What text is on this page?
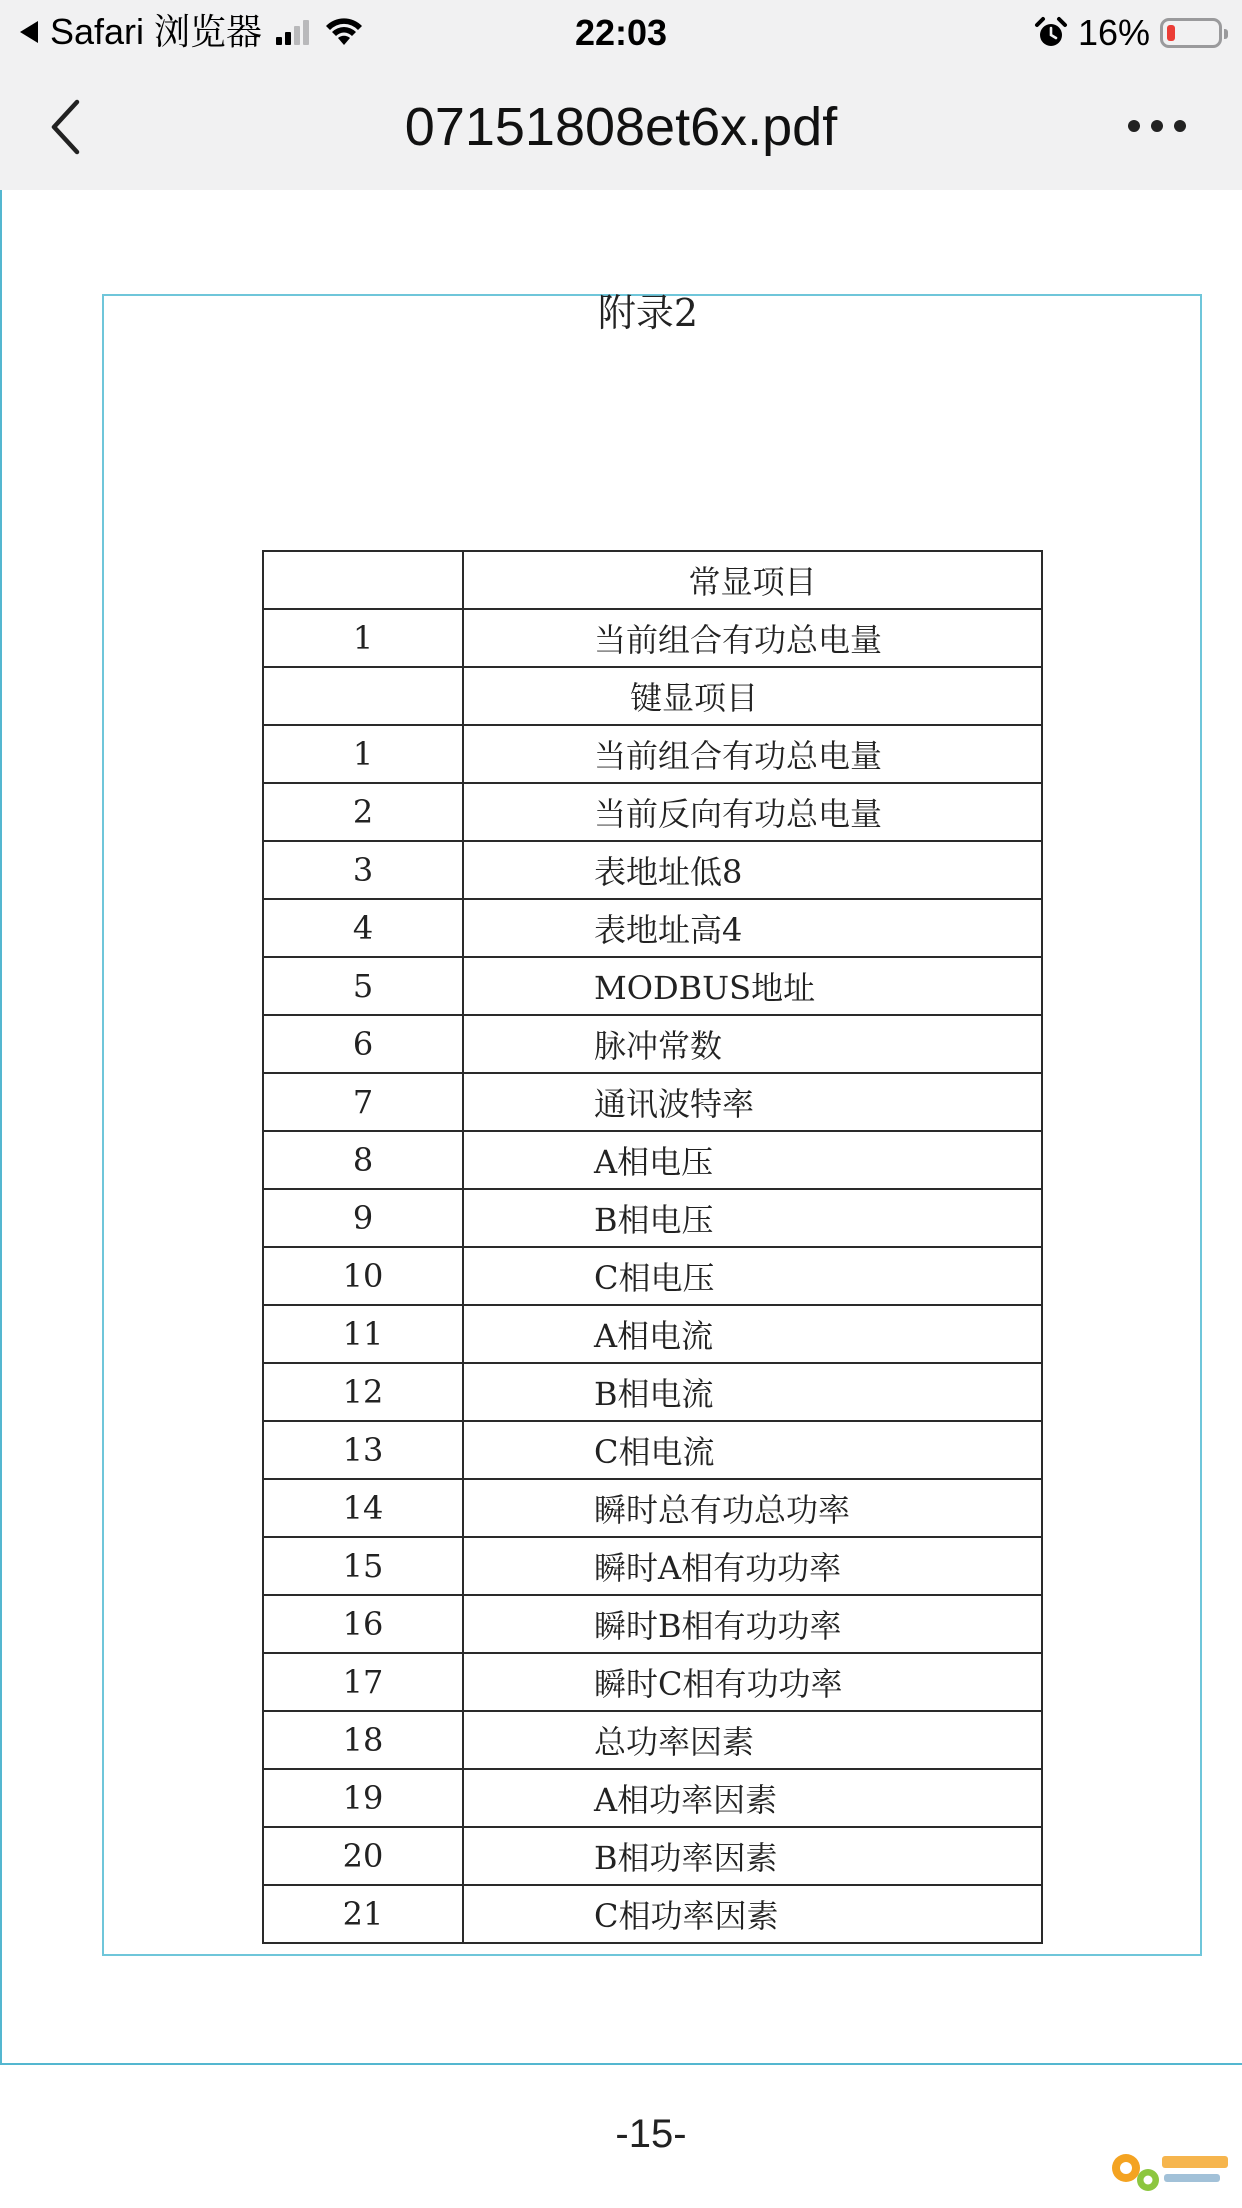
Safari 浏览器	22:03	16%
07151808et6x.pdf
附录2
	常显项目
1	当前组合有功总电量
	键显项目
1	当前组合有功总电量
2	当前反向有功总电量
3	表地址低8
4	表地址高4
5	MODBUS地址
6	脉冲常数
7	通讯波特率
8	A相电压
9	B相电压
10	C相电压
11	A相电流
12	B相电流
13	C相电流
14	瞬时总有功总功率
15	瞬时A相有功功率
16	瞬时B相有功功率
17	瞬时C相有功功率
18	总功率因素
19	A相功率因素
20	B相功率因素
21	C相功率因素
-15-
